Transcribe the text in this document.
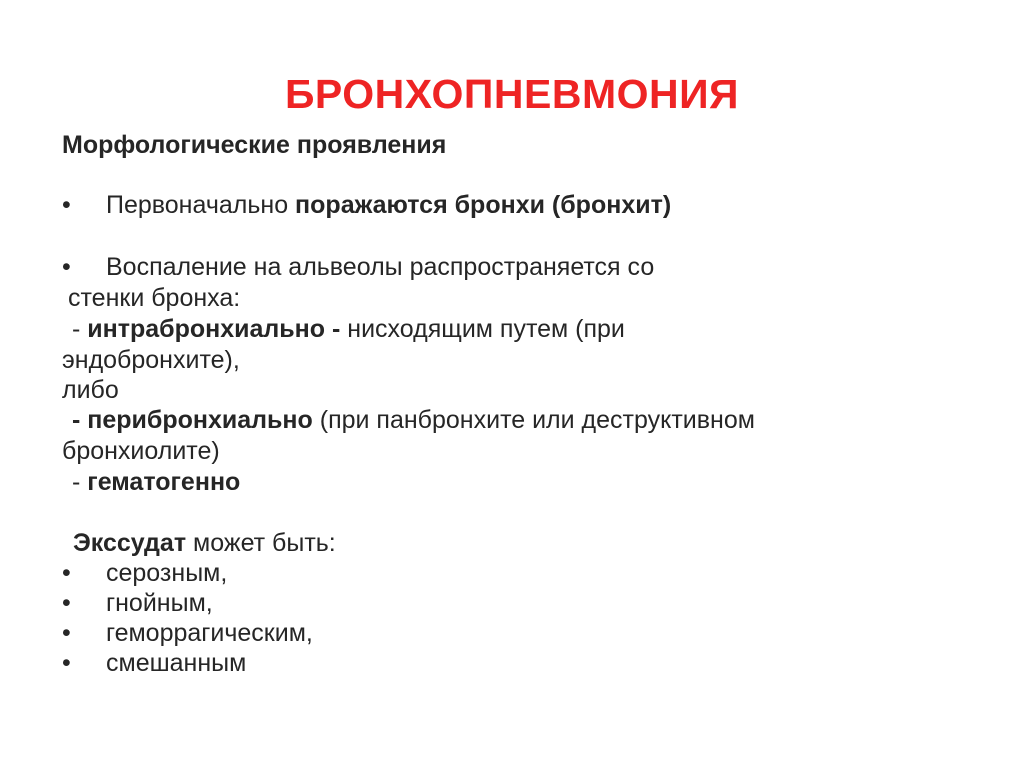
БРОНХОПНЕВМОНИЯ
Морфологические проявления
• Первоначально поражаются бронхи (бронхит)
• Воспаление на альвеолы распространяется со
стенки бронха:
- интрабронхиально - нисходящим путем (при
эндобронхите),
либо
- перибронхиально (при панбронхите или деструктивном
бронхиолите)
- гематогенно
Экссудат может быть:
• серозным,
• гнойным,
• геморрагическим,
• смешанным
